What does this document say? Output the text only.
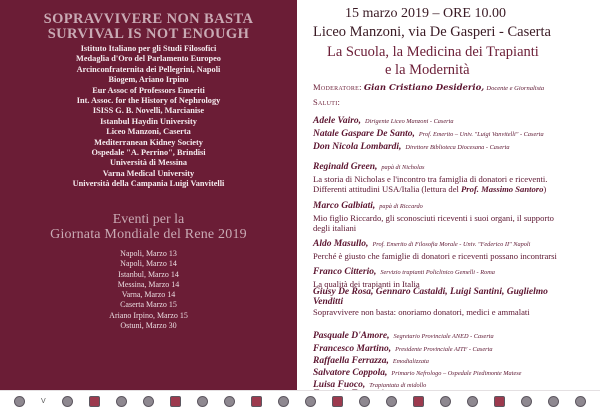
SOPRAVVIVERE NON BASTA
SURVIVAL IS NOT ENOUGH
Istituto Italiano per gli Studi Filosofici
Medaglia d'Oro del Parlamento Europeo
Arcinconfraternita dei Pellegrini, Napoli
Biogem, Ariano Irpino
Eur Assoc of Professors Emeriti
Int. Assoc. for the History of Nephrology
ISISS G. B. Novelli, Marcianise
Istanbul Haydin University
Liceo Manzoni, Caserta
Mediterranean Kidney Society
Ospedale "A. Perrino", Brindisi
Università di Messina
Varna Medical University
Università della Campania Luigi Vanvitelli
Eventi per la
Giornata Mondiale del Rene 2019
Napoli, Marzo 13
Napoli, Marzo 14
Istanbul, Marzo 14
Messina, Marzo 14
Varna, Marzo 14
Caserta Marzo 15
Ariano Irpino, Marzo 15
Ostuni, Marzo 30
15 marzo 2019 – ORE 10.00
Liceo Manzoni, via De Gasperi - Caserta
La Scuola, la Medicina dei Trapianti
e la Modernità
Moderatore: Gian Cristiano Desiderio, Docente e Giornalista
Saluti:
Adele Vairo, Dirigente Liceo Manzoni - Caserta
Natale Gaspare De Santo, Prof. Emerito – Univ. "Luigi Vanvitelli" - Caserta
Don Nicola Lombardi, Direttore Biblioteca Diocesana - Caserta
Reginald Green, papà di Nicholas
La storia di Nicholas e l'incontro tra famiglia di donatori e riceventi.
Differenti attitudini USA/Italia (lettura del Prof. Massimo Santoro)
Marco Galbiati, papà di Riccardo
Mio figlio Riccardo, gli sconosciuti riceventi i suoi organi, il supporto
degli italiani
Aldo Masullo, Prof. Emerito di Filosofia Morale - Univ. "Federico II" Napoli
Perché è giusto che famiglie di donatori e riceventi possano incontrarsi
Franco Citterio, Servizio trapianti Policlinico Gemelli - Roma
La qualità dei trapianti in Italia
Giusy De Rosa, Gennaro Castaldi, Luigi Santini, Guglielmo
Venditti
Sopravvivere non basta: onoriamo donatori, medici e ammalati
Pasquale D'Amore, Segretario Provinciale ANED - Caserta
Francesco Martino, Presidente Provinciale AITF - Caserta
Raffaella Ferrazza, Emodializzata
Salvatore Coppola, Primario Nefrologo – Ospedale Piedimonte Matese
Luisa Fuoco, Trapiantata di midollo
V
